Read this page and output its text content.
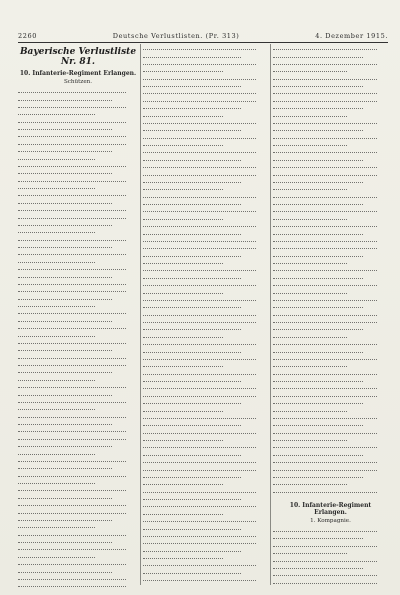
2260	Deutsche Verlustlisten. (Pr. 313)	4. Dezember 1915.
Bayerische Verlustliste Nr. 81.
10. Infanterie-Regiment Erlangen.
Schützen.
10. Infanterie-Regiment Erlangen.
1. Kompagnie.
